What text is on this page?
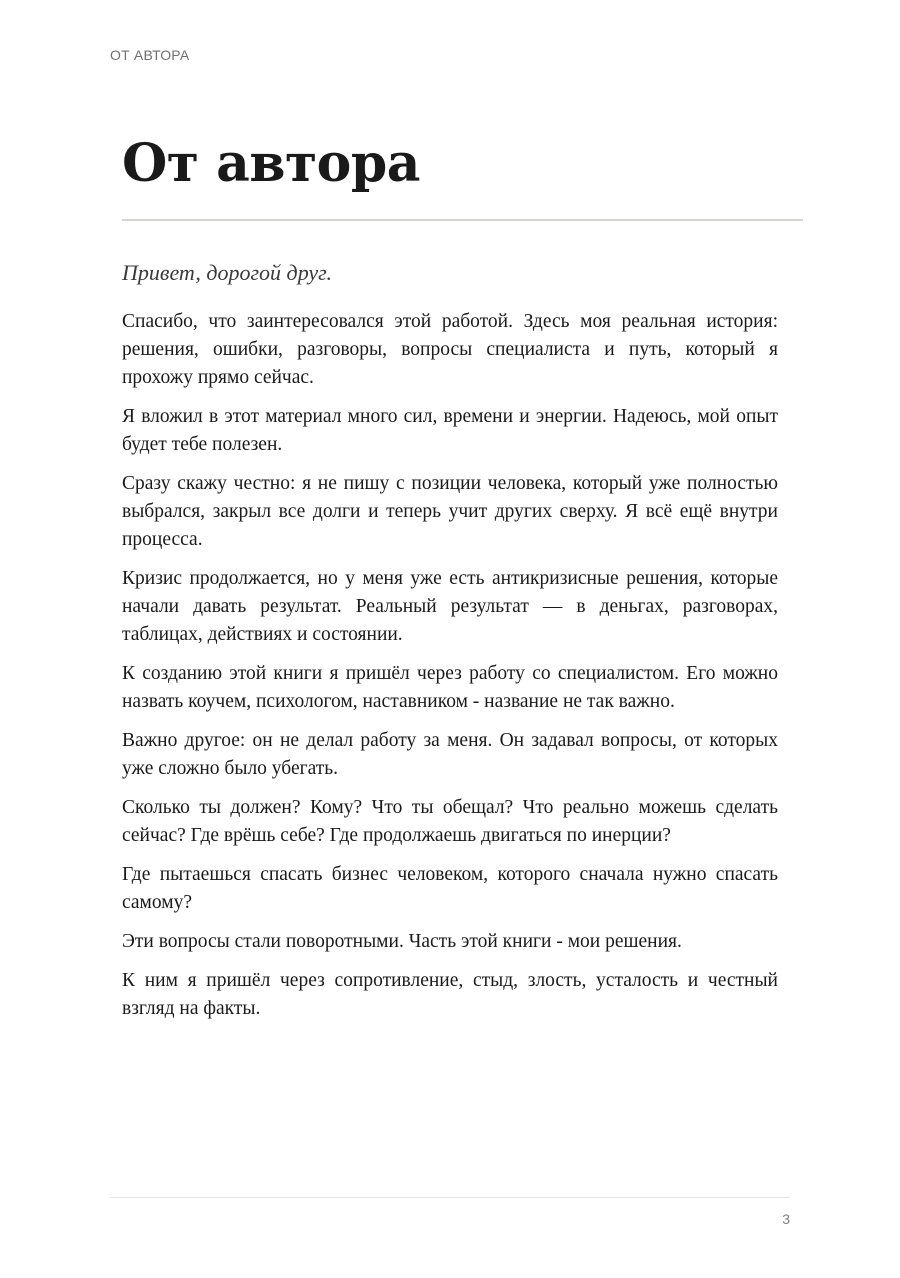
ОТ АВТОРА
От автора

Привет, дорогой друг.

Спасибо, что заинтересовался этой работой. Здесь моя реальная история: решения, ошибки, разговоры, вопросы специалиста и путь, который я прохожу прямо сейчас.

Я вложил в этот материал много сил, времени и энергии. Надеюсь, мой опыт будет тебе полезен.

Сразу скажу честно: я не пишу с позиции человека, который уже полностью выбрался, закрыл все долги и теперь учит других сверху. Я всё ещё внутри процесса.

Кризис продолжается, но у меня уже есть антикризисные решения, которые начали давать результат. Реальный результат — в деньгах, разговорах, таблицах, действиях и состоянии.

К созданию этой книги я пришёл через работу со специалистом. Его можно назвать коучем, психологом, наставником - название не так важно.

Важно другое: он не делал работу за меня. Он задавал вопросы, от которых уже сложно было убегать.

Сколько ты должен? Кому? Что ты обещал? Что реально можешь сделать сейчас? Где врёшь себе? Где продолжаешь двигаться по инерции?

Где пытаешься спасать бизнес человеком, которого сначала нужно спасать самому?

Эти вопросы стали поворотными. Часть этой книги - мои решения.

К ним я пришёл через сопротивление, стыд, злость, усталость и честный взгляд на факты.

3
